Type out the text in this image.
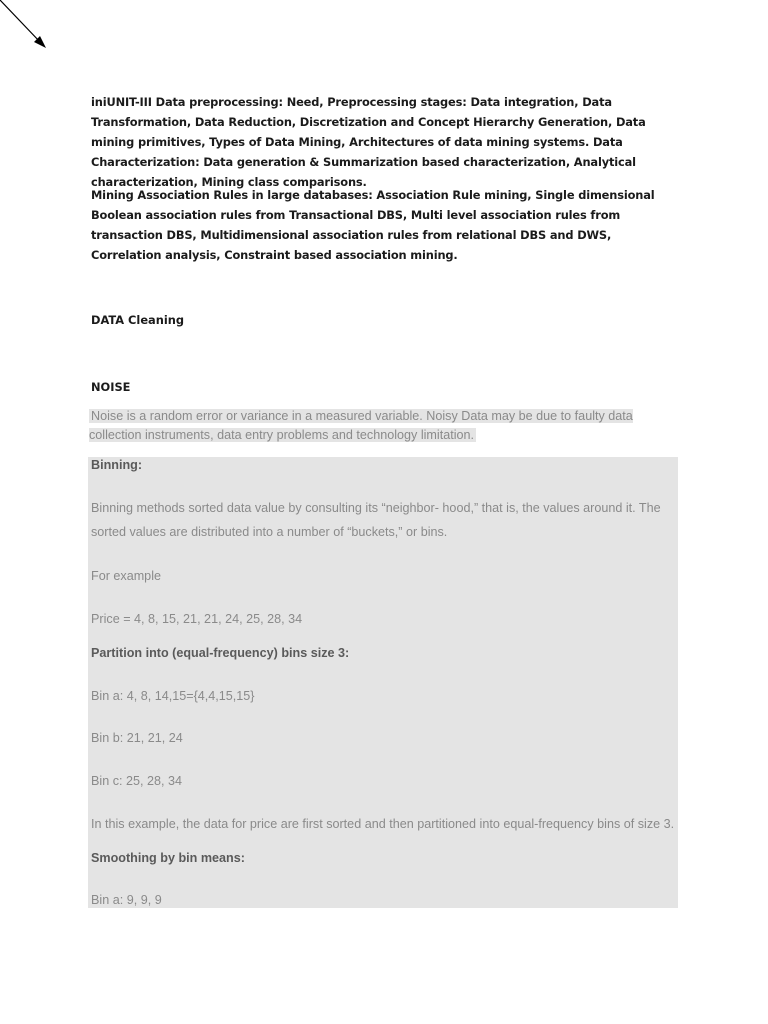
iniUNIT-III Data preprocessing: Need, Preprocessing stages: Data integration, Data Transformation, Data Reduction, Discretization and Concept Hierarchy Generation, Data mining primitives, Types of Data Mining, Architectures of data mining systems. Data Characterization: Data generation & Summarization based characterization, Analytical characterization, Mining class comparisons.

Mining Association Rules in large databases: Association Rule mining, Single dimensional Boolean association rules from Transactional DBS, Multi level association rules from transaction DBS, Multidimensional association rules from relational DBS and DWS, Correlation analysis, Constraint based association mining.

DATA Cleaning

NOISE

Noise is a random error or variance in a measured variable. Noisy Data may be due to faulty data collection instruments, data entry problems and technology limitation.

Binning:

Binning methods sorted data value by consulting its “neighbor- hood,” that is, the values around it. The sorted values are distributed into a number of “buckets,” or bins.

For example

Price = 4, 8, 15, 21, 21, 24, 25, 28, 34

Partition into (equal-frequency) bins size 3:

Bin a: 4, 8, 14,15={4,4,15,15}

Bin b: 21, 21, 24

Bin c: 25, 28, 34

In this example, the data for price are first sorted and then partitioned into equal-frequency bins of size 3.

Smoothing by bin means:

Bin a: 9, 9, 9
